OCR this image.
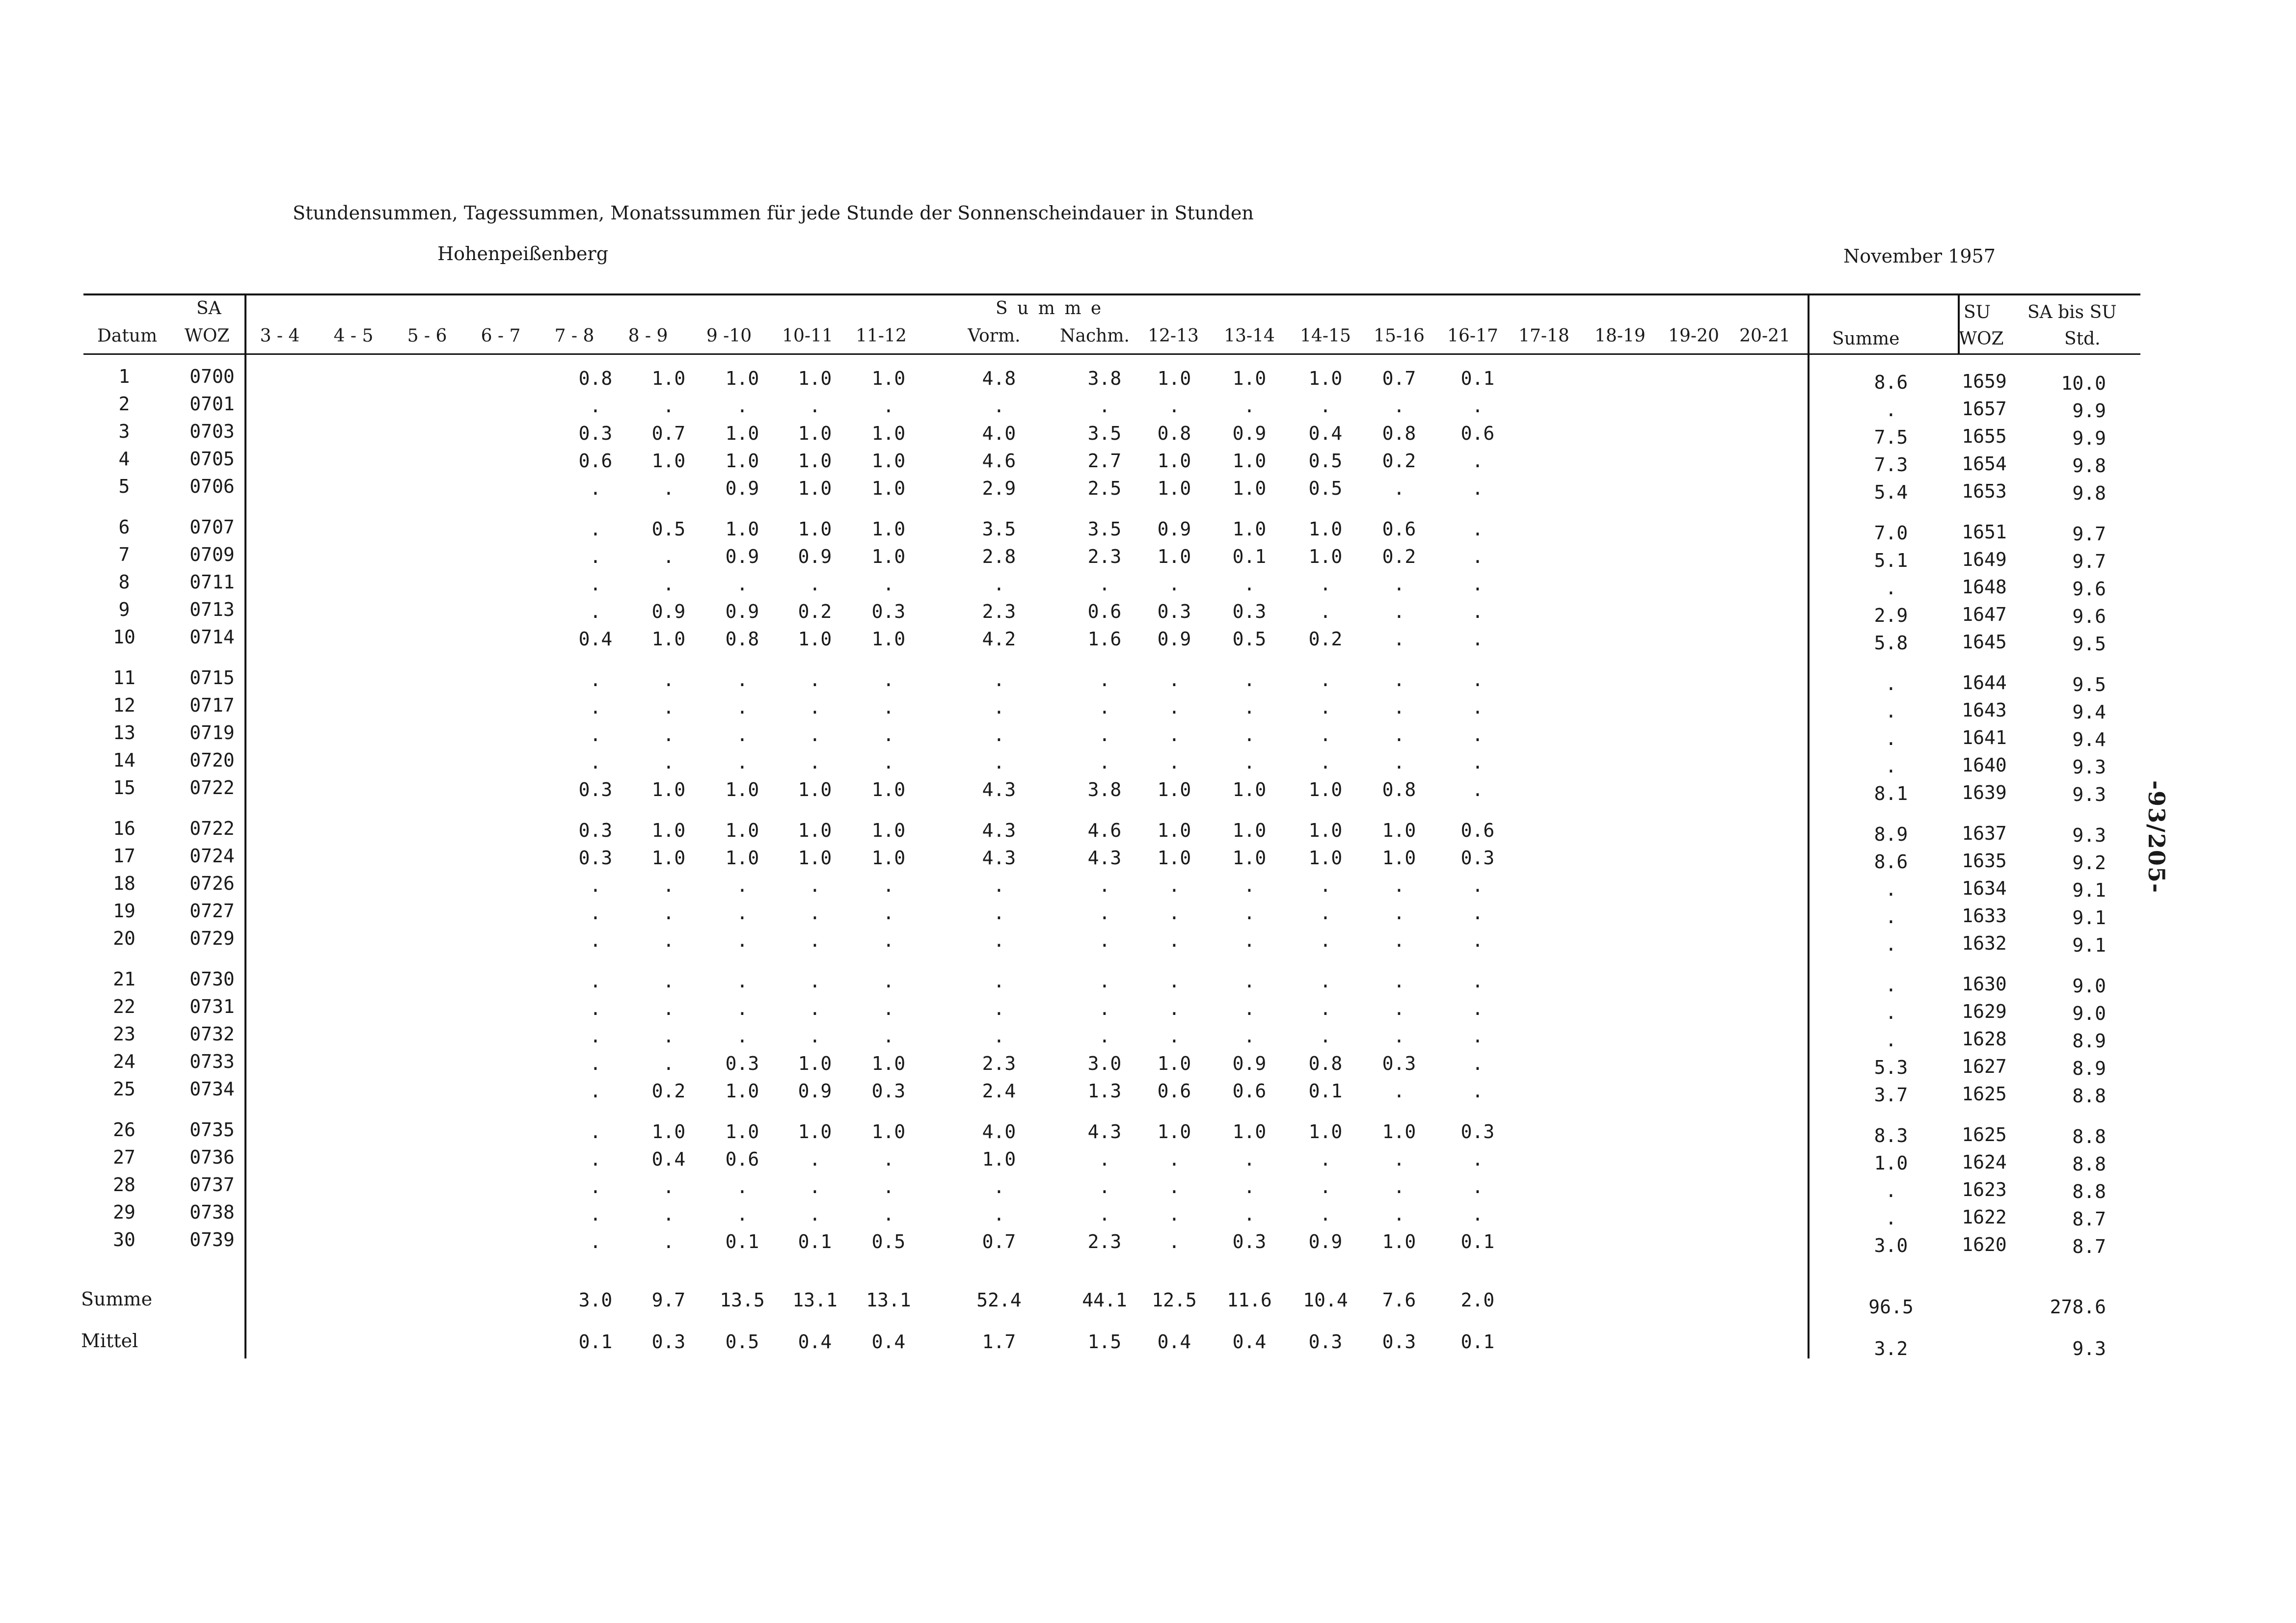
Stundensummen, Tagessummen, Monatssummen für jede Stunde der Sonnenscheindauer in Stunden
Hohenpeißenberg	November 1957
-93/205-
SA
Datum WOZ
S u m m e
3 - 4 4 - 5 5 - 6 6 - 7 7 - 8 8 - 9 9 -10 10-11 11-12	Vorm. Nachm. 12-13 13-14 14-15 15-16 16-17 17-18 18-19 19-20 20-21 Summe
SU
WOZ
SA bis SU
Std.
1	0700	0.8 1.0 1.0 1.0 1.0	4.8	3.8 1.0 1.0 1.0 0.7 0.1	8.6	1659	10.0
2	0701	.	.	.	.	.	.	.	.	.	.	.	.	.	1657	9.9
3	0703	0.3 0.7 1.0 1.0 1.0	4.0	3.5 0.8 0.9 0.4 0.8 0.6	7.5	1655	9.9
4	0705	0.6 1.0 1.0 1.0 1.0	4.6	2.7 1.0 1.0 0.5 0.2	.	7.3	1654	9.8
5	0706	.	.	0.9 1.0 1.0	2.9	2.5 1.0 1.0 0.5	.	.	5.4	1653	9.8
6	0707	.	0.5 1.0 1.0 1.0	3.5	3.5 0.9 1.0 1.0 0.6	.	7.0	1651	9.7
7	0709	.	.	0.9 0.9 1.0	2.8	2.3 1.0 0.1 1.0 0.2	.	5.1	1649	9.7
8	0711	.	.	.	.	.	.	.	.	.	.	.	.	.	1648	9.6
9	0713	.	0.9 0.9 0.2 0.3	2.3	0.6 0.3 0.3	.	.	.	2.9	1647	9.6
10	0714	0.4 1.0 0.8 1.0 1.0	4.2	1.6 0.9 0.5 0.2	.	.	5.8	1645	9.5
11	0715	.	.	.	.	.	.	.	.	.	.	.	.	.	1644	9.5
12	0717	.	.	.	.	.	.	.	.	.	.	.	.	.	1643	9.4
13	0719	.	.	.	.	.	.	.	.	.	.	.	.	.	1641	9.4
14	0720	.	.	.	.	.	.	.	.	.	.	.	.	.	1640	9.3
15	0722	0.3 1.0 1.0 1.0 1.0	4.3	3.8 1.0 1.0 1.0 0.8	.	8.1	1639	9.3
16	0722	0.3 1.0 1.0 1.0 1.0	4.3	4.6 1.0 1.0 1.0 1.0 0.6	8.9	1637	9.3
17	0724	0.3 1.0 1.0 1.0 1.0	4.3	4.3 1.0 1.0 1.0 1.0 0.3	8.6	1635	9.2
18	0726	.	.	.	.	.	.	.	.	.	.	.	.	.	1634	9.1
19	0727	.	.	.	.	.	.	.	.	.	.	.	.	.	1633	9.1
20	0729	.	.	.	.	.	.	.	.	.	.	.	.	.	1632	9.1
21	0730	.	.	.	.	.	.	.	.	.	.	.	.	.	1630	9.0
22	0731	.	.	.	.	.	.	.	.	.	.	.	.	.	1629	9.0
23	0732	.	.	.	.	.	.	.	.	.	.	.	.	.	1628	8.9
24	0733	.	.	0.3 1.0 1.0	2.3	3.0 1.0 0.9 0.8 0.3	.	5.3	1627	8.9
25	0734	.	0.2 1.0 0.9 0.3	2.4	1.3 0.6 0.6 0.1	.	.	3.7	1625	8.8
26	0735	.	1.0 1.0 1.0 1.0	4.0	4.3 1.0 1.0 1.0 1.0 0.3	8.3	1625	8.8
27	0736	.	0.4 0.6	.	.	1.0	.	.	.	.	.	.	1.0	1624	8.8
28	0737	.	.	.	.	.	.	.	.	.	.	.	.	.	1623	8.8
29	0738	.	.	.	.	.	.	.	.	.	.	.	.	.	1622	8.7
30	0739	.	.	0.1 0.1 0.5	0.7	2.3	.	0.3 0.9 1.0 0.1	3.0	1620	8.7
Summe	3.0 9.7 13.5 13.1 13.1	52.4	44.1 12.5 11.6 10.4 7.6 2.0	96.5	278.6
Mittel	0.1 0.3 0.5 0.4 0.4	1.7	1.5 0.4 0.4 0.3 0.3 0.1	3.2	9.3
